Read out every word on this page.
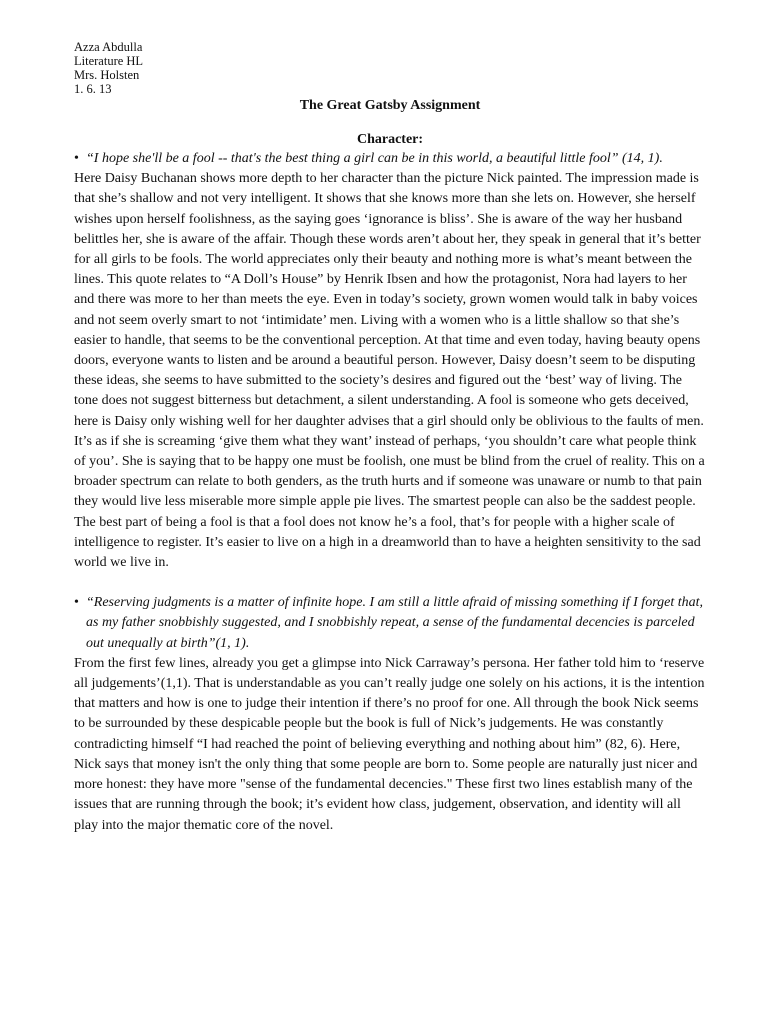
Azza Abdulla

Literature HL

Mrs. Holsten

1. 6. 13

The Great Gatsby Assignment

Character:

• “I hope she'll be a fool -- that's the best thing a girl can be in this world, a beautiful little fool” (14, 1).

Here Daisy Buchanan shows more depth to her character than the picture Nick painted. The impression made is that she’s shallow and not very intelligent. It shows that she knows more than she lets on. However, she herself wishes upon herself foolishness, as the saying goes ‘ignorance is bliss’. She is aware of the way her husband belittles her, she is aware of the affair. Though these words aren’t about her, they speak in general that it’s better for all girls to be fools. The world appreciates only their beauty and nothing more is what’s meant between the lines. This quote relates to “A Doll’s House” by Henrik Ibsen and how the protagonist, Nora had layers to her and there was more to her than meets the eye. Even in today’s society, grown women would talk in baby voices and not seem overly smart to not ‘intimidate’ men. Living with a women who is a little shallow so that she’s easier to handle, that seems to be the conventional perception. At that time and even today, having beauty opens doors, everyone wants to listen and be around a beautiful person. However, Daisy doesn’t seem to be disputing these ideas, she seems to have submitted to the society’s desires and figured out the ‘best’ way of living. The tone does not suggest bitterness but detachment, a silent understanding. A fool is someone who gets deceived, here is Daisy only wishing well for her daughter advises that a girl should only be oblivious to the faults of men. It’s as if she is screaming ‘give them what they want’ instead of perhaps, ‘you shouldn’t care what people think of you’. She is saying that to be happy one must be foolish, one must be blind from the cruel of reality. This on a broader spectrum can relate to both genders, as the truth hurts and if someone was unaware or numb to that pain they would live less miserable more simple apple pie lives. The smartest people can also be the saddest people. The best part of being a fool is that a fool does not know he’s a fool, that’s for people with a higher scale of intelligence to register. It’s easier to live on a high in a dreamworld than to have a heighten sensitivity to the sad world we live in.

• “Reserving judgments is a matter of infinite hope. I am still a little afraid of missing something if I forget that, as my father snobbishly suggested, and I snobbishly repeat, a sense of the fundamental decencies is parceled out unequally at birth”(1, 1).

From the first few lines, already you get a glimpse into Nick Carraway’s persona. Her father told him to ‘reserve all judgements’(1,1). That is understandable as you can’t really judge one solely on his actions, it is the intention that matters and how is one to judge their intention if there’s no proof for one. All through the book Nick seems to be surrounded by these despicable people but the book is full of Nick’s judgements. He was constantly contradicting himself “I had reached the point of believing everything and nothing about him” (82, 6). Here, Nick says that money isn't the only thing that some people are born to. Some people are naturally just nicer and more honest: they have more "sense of the fundamental decencies." These first two lines establish many of the issues that are running through the book; it’s evident how class, judgement, observation, and identity will all play into the major thematic core of the novel.
